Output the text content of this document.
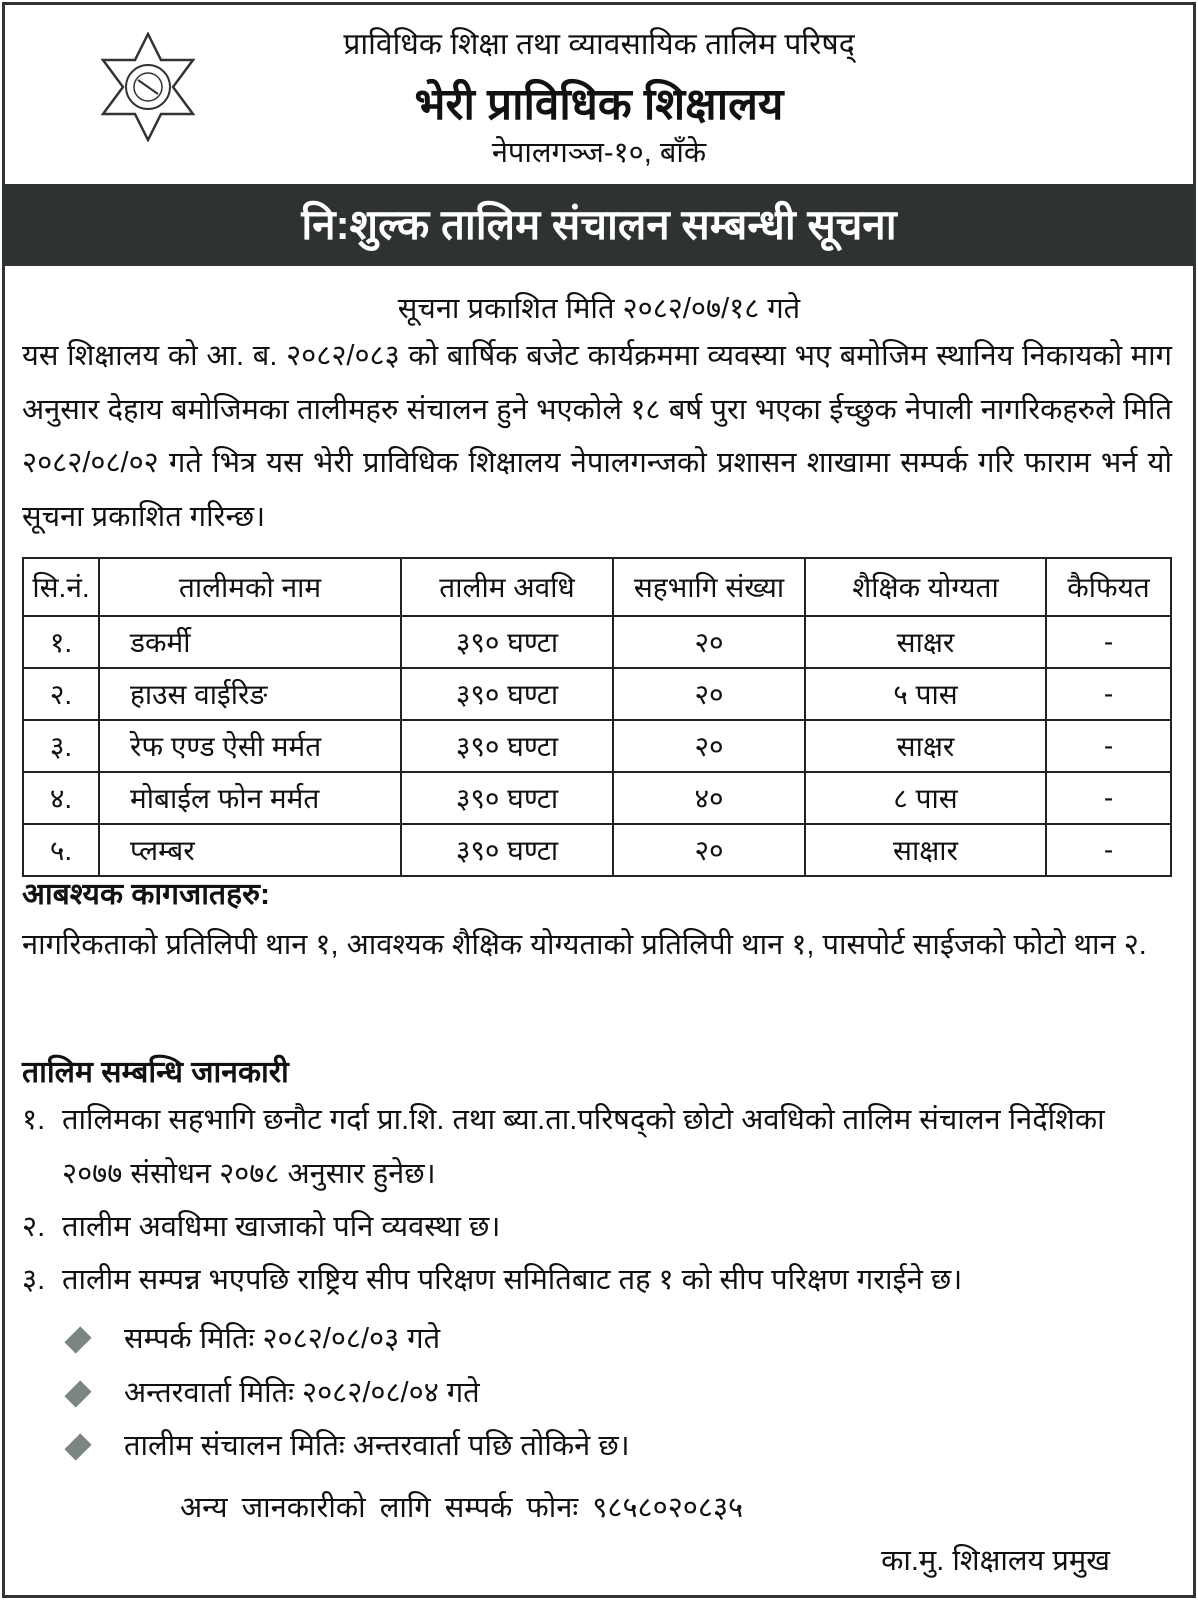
प्राविधिक शिक्षा तथा व्यावसायिक तालिम परिषद्
भेरी प्राविधिक शिक्षालय
नेपालगञ्ज-१०, बाँके
नि:शुल्क तालिम संचालन सम्बन्धी सूचना
सूचना प्रकाशित मिति २०८२/०७/१८ गते
यस शिक्षालय को आ. ब. २०८२/०८३ को बार्षिक बजेट कार्यक्रममा व्यवस्या भए बमोजिम स्थानिय निकायको माग अनुसार देहाय बमोजिमका तालीमहरु संचालन हुने भएकोले १८ बर्ष पुरा भएका ईच्छुक नेपाली नागरिकहरुले मिति २०८२/०८/०२ गते भित्र यस भेरी प्राविधिक शिक्षालय नेपालगन्जको प्रशासन शाखामा सम्पर्क गरि फाराम भर्न यो सूचना प्रकाशित गरिन्छ।
सि.नं.	तालीमको नाम	तालीम अवधि	सहभागि संख्या	शैक्षिक योग्यता	कैफियत
१.	डकर्मी	३९० घण्टा	२०	साक्षर	-
२.	हाउस वाईरिङ	३९० घण्टा	२०	५ पास	-
३.	रेफ एण्ड ऐसी मर्मत	३९० घण्टा	२०	साक्षर	-
४.	मोबाईल फोन मर्मत	३९० घण्टा	४०	८ पास	-
५.	प्लम्बर	३९० घण्टा	२०	साक्षार	-
आबश्यक कागजातहरु:
नागरिकताको प्रतिलिपी थान १, आवश्यक शैक्षिक योग्यताको प्रतिलिपी थान १, पासपोर्ट साईजको फोटो थान २.
तालिम सम्बन्धि जानकारी
१. तालिमका सहभागि छनौट गर्दा प्रा.शि. तथा ब्या.ता.परिषद्को छोटो अवधिको तालिम संचालन निर्देशिका
२०७७ संसोधन २०७८ अनुसार हुनेछ।
२. तालीम अवधिमा खाजाको पनि व्यवस्था छ।
३. तालीम सम्पन्न भएपछि राष्ट्रिय सीप परिक्षण समितिबाट तह १ को सीप परिक्षण गराईने छ।
सम्पर्क मितिः २०८२/०८/०३ गते
अन्तरवार्ता मितिः २०८२/०८/०४ गते
तालीम संचालन मितिः अन्तरवार्ता पछि तोकिने छ।
अन्य जानकारीको लागि सम्पर्क फोनः ९८५८०२०८३५
का.मु. शिक्षालय प्रमुख
